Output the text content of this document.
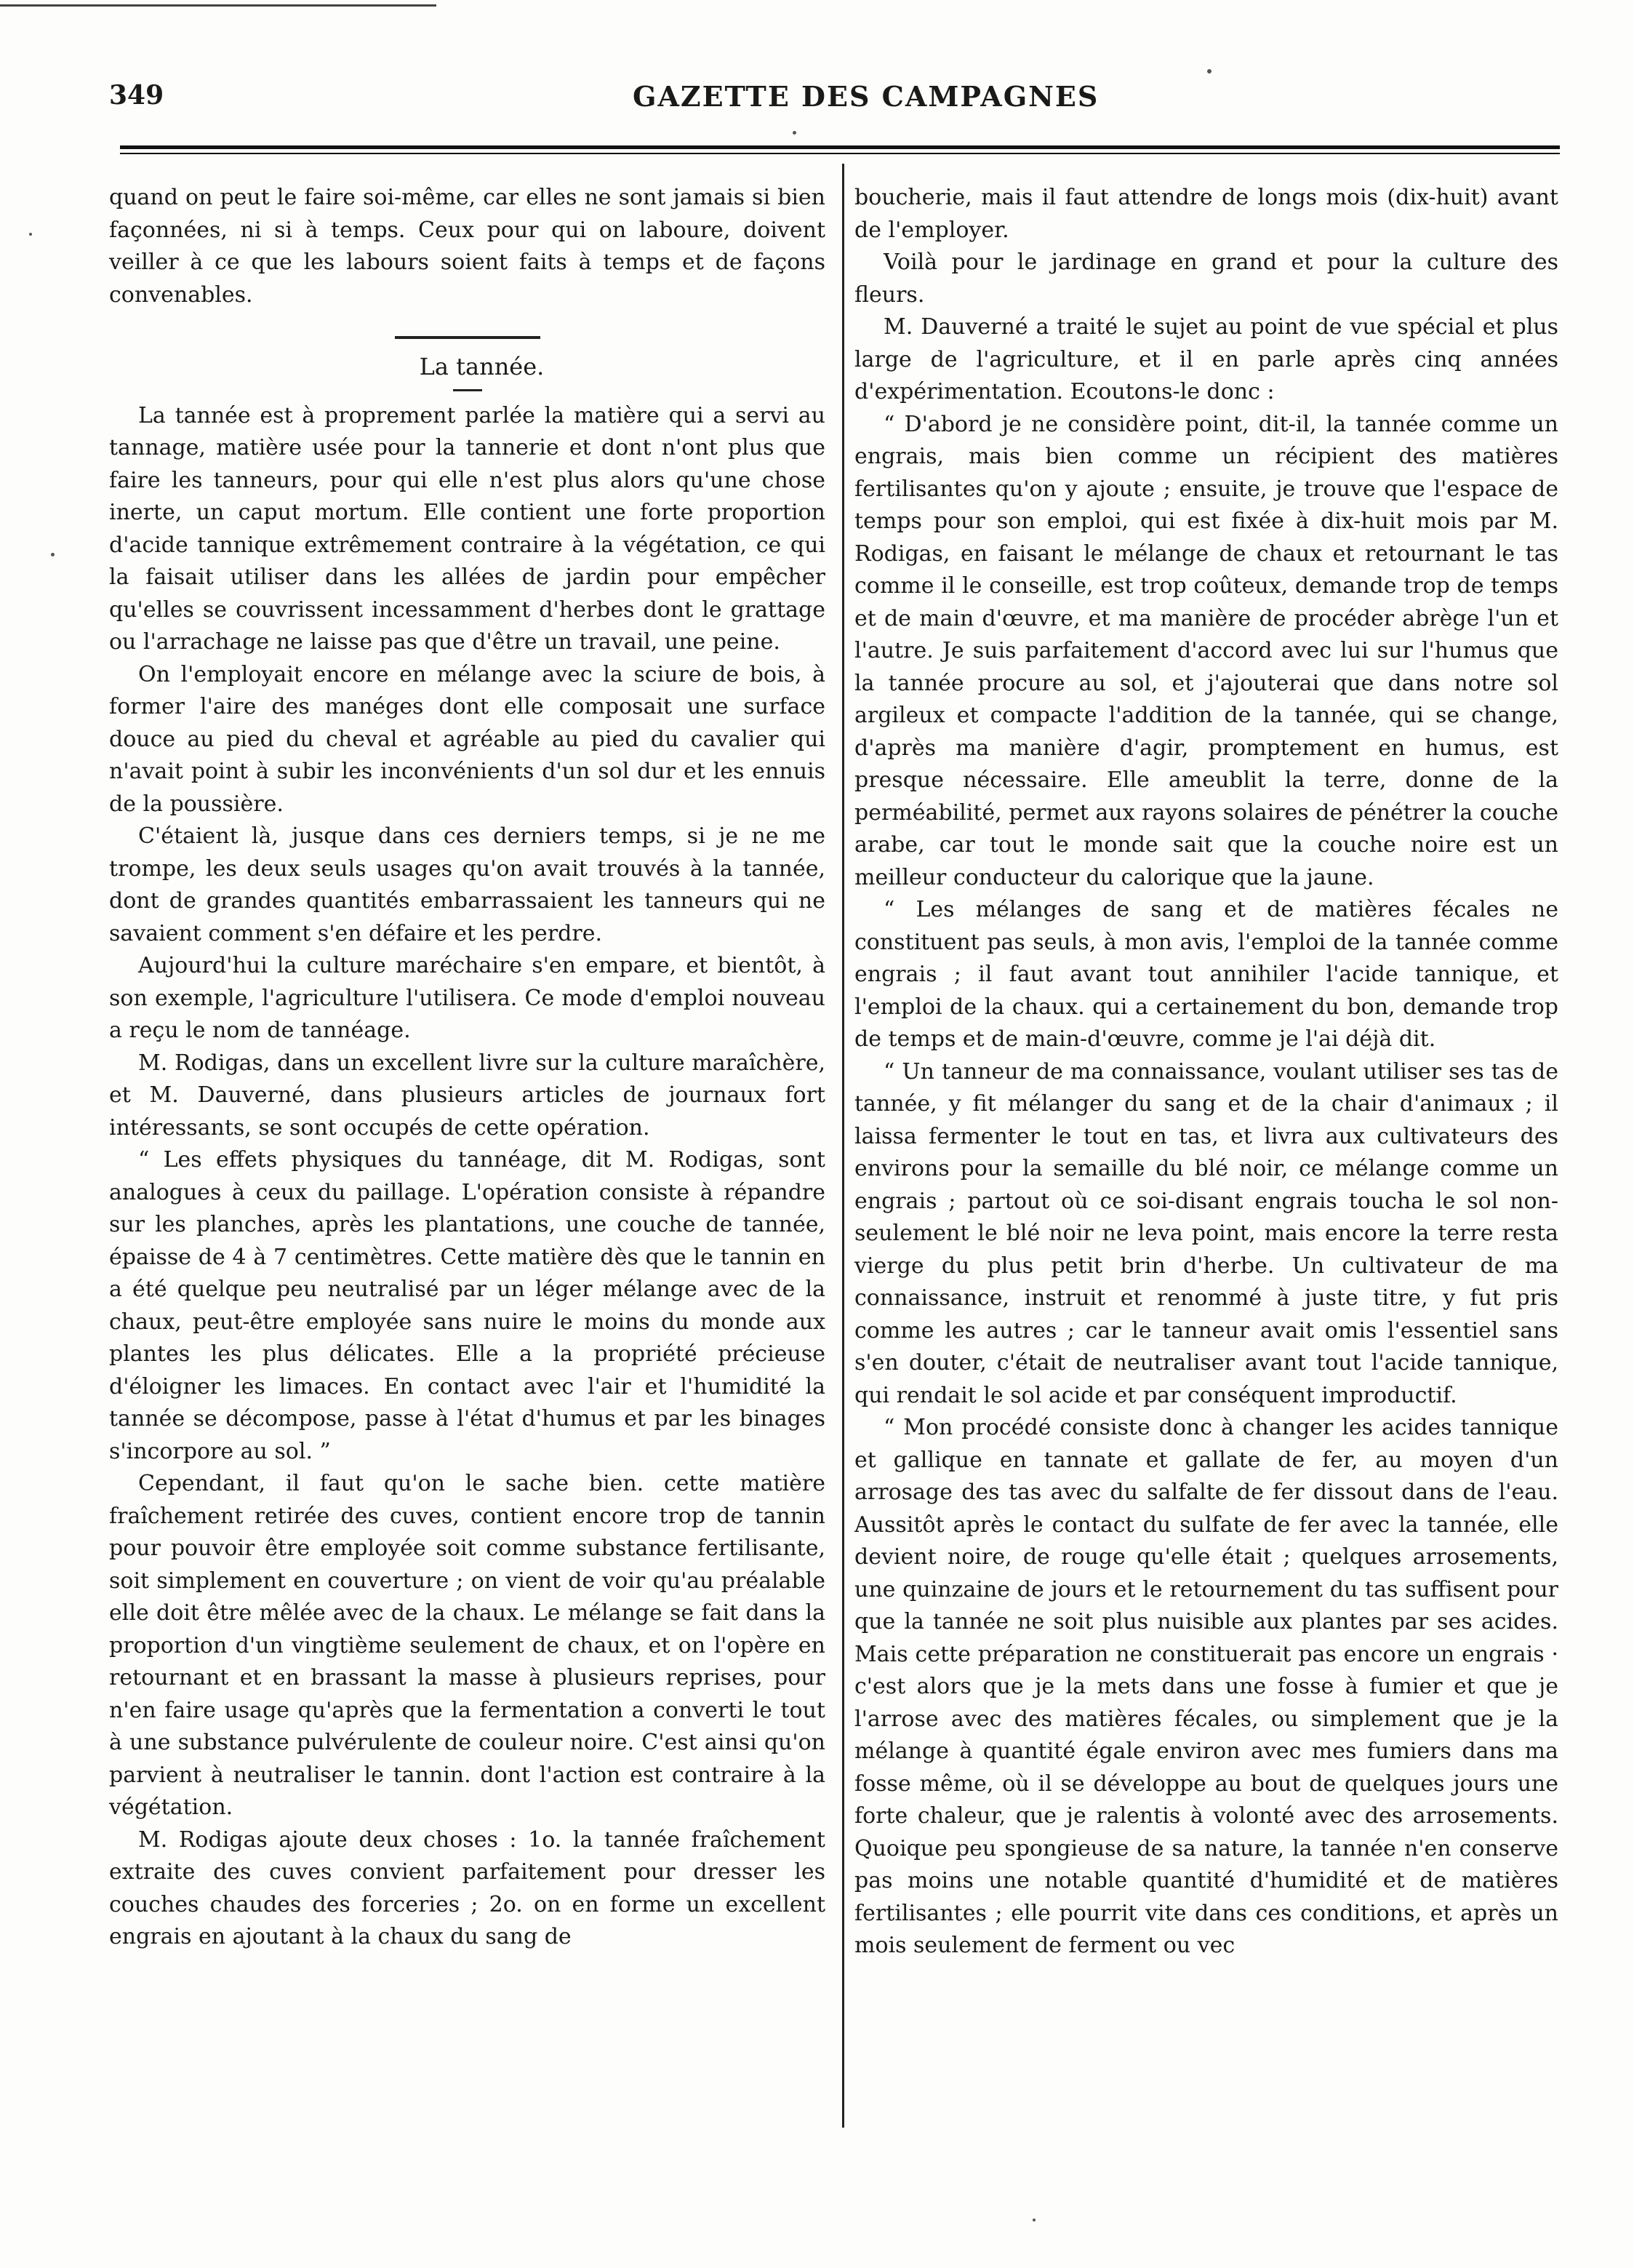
349	GAZETTE DES CAMPAGNES

quand on peut le faire soi-même, car elles ne sont jamais si bien façonnées, ni si à temps. Ceux pour qui on laboure, doivent veiller à ce que les labours soient faits à temps et de façons convenables.

La tannée.

La tannée est à proprement parlée la matière qui a servi au tannage, matière usée pour la tannerie et dont n'ont plus que faire les tanneurs, pour qui elle n'est plus alors qu'une chose inerte, un caput mortum. Elle contient une forte proportion d'acide tannique extrêmement contraire à la végétation, ce qui la faisait utiliser dans les allées de jardin pour empêcher qu'elles se couvrissent incessamment d'herbes dont le grattage ou l'arrachage ne laisse pas que d'être un travail, une peine.

On l'employait encore en mélange avec la sciure de bois, à former l'aire des manéges dont elle composait une surface douce au pied du cheval et agréable au pied du cavalier qui n'avait point à subir les inconvénients d'un sol dur et les ennuis de la poussière.

C'étaient là, jusque dans ces derniers temps, si je ne me trompe, les deux seuls usages qu'on avait trouvés à la tannée, dont de grandes quantités embarrassaient les tanneurs qui ne savaient comment s'en défaire et les perdre.

Aujourd'hui la culture maréchaire s'en empare, et bientôt, à son exemple, l'agriculture l'utilisera. Ce mode d'emploi nouveau a reçu le nom de tannéage.

M. Rodigas, dans un excellent livre sur la culture maraîchère, et M. Dauverné, dans plusieurs articles de journaux fort intéressants, se sont occupés de cette opération.

“ Les effets physiques du tannéage, dit M. Rodigas, sont analogues à ceux du paillage. L'opération consiste à répandre sur les planches, après les plantations, une couche de tannée, épaisse de 4 à 7 centimètres. Cette matière dès que le tannin en a été quelque peu neutralisé par un léger mélange avec de la chaux, peut-être employée sans nuire le moins du monde aux plantes les plus délicates. Elle a la propriété précieuse d'éloigner les limaces. En contact avec l'air et l'humidité la tannée se décompose, passe à l'état d'humus et par les binages s'incorpore au sol. ”

Cependant, il faut qu'on le sache bien. cette matière fraîchement retirée des cuves, contient encore trop de tannin pour pouvoir être employée soit comme substance fertilisante, soit simplement en couverture ; on vient de voir qu'au préalable elle doit être mêlée avec de la chaux. Le mélange se fait dans la proportion d'un vingtième seulement de chaux, et on l'opère en retournant et en brassant la masse à plusieurs reprises, pour n'en faire usage qu'après que la fermentation a converti le tout à une substance pulvérulente de couleur noire. C'est ainsi qu'on parvient à neutraliser le tannin. dont l'action est contraire à la végétation.

M. Rodigas ajoute deux choses : 1o. la tannée fraîchement extraite des cuves convient parfaitement pour dresser les couches chaudes des forceries ; 2o. on en forme un excellent engrais en ajoutant à la chaux du sang de

boucherie, mais il faut attendre de longs mois (dix-huit) avant de l'employer.

Voilà pour le jardinage en grand et pour la culture des fleurs.

M. Dauverné a traité le sujet au point de vue spécial et plus large de l'agriculture, et il en parle après cinq années d'expérimentation. Ecoutons-le donc :

“ D'abord je ne considère point, dit-il, la tannée comme un engrais, mais bien comme un récipient des matières fertilisantes qu'on y ajoute ; ensuite, je trouve que l'espace de temps pour son emploi, qui est fixée à dix-huit mois par M. Rodigas, en faisant le mélange de chaux et retournant le tas comme il le conseille, est trop coûteux, demande trop de temps et de main d'œuvre, et ma manière de procéder abrège l'un et l'autre. Je suis parfaitement d'accord avec lui sur l'humus que la tannée procure au sol, et j'ajouterai que dans notre sol argileux et compacte l'addition de la tannée, qui se change, d'après ma manière d'agir, promptement en humus, est presque nécessaire. Elle ameublit la terre, donne de la perméabilité, permet aux rayons solaires de pénétrer la couche arabe, car tout le monde sait que la couche noire est un meilleur conducteur du calorique que la jaune.

“ Les mélanges de sang et de matières fécales ne constituent pas seuls, à mon avis, l'emploi de la tannée comme engrais ; il faut avant tout annihiler l'acide tannique, et l'emploi de la chaux. qui a certainement du bon, demande trop de temps et de main-d'œuvre, comme je l'ai déjà dit.

“ Un tanneur de ma connaissance, voulant utiliser ses tas de tannée, y fit mélanger du sang et de la chair d'animaux ; il laissa fermenter le tout en tas, et livra aux cultivateurs des environs pour la semaille du blé noir, ce mélange comme un engrais ; partout où ce soi-disant engrais toucha le sol non-seulement le blé noir ne leva point, mais encore la terre resta vierge du plus petit brin d'herbe. Un cultivateur de ma connaissance, instruit et renommé à juste titre, y fut pris comme les autres ; car le tanneur avait omis l'essentiel sans s'en douter, c'était de neutraliser avant tout l'acide tannique, qui rendait le sol acide et par conséquent improductif.

“ Mon procédé consiste donc à changer les acides tannique et gallique en tannate et gallate de fer, au moyen d'un arrosage des tas avec du salfalte de fer dissout dans de l'eau. Aussitôt après le contact du sulfate de fer avec la tannée, elle devient noire, de rouge qu'elle était ; quelques arrosements, une quinzaine de jours et le retournement du tas suffisent pour que la tannée ne soit plus nuisible aux plantes par ses acides. Mais cette préparation ne constituerait pas encore un engrais · c'est alors que je la mets dans une fosse à fumier et que je l'arrose avec des matières fécales, ou simplement que je la mélange à quantité égale environ avec mes fumiers dans ma fosse même, où il se développe au bout de quelques jours une forte chaleur, que je ralentis à volonté avec des arrosements. Quoique peu spongieuse de sa nature, la tannée n'en conserve pas moins une notable quantité d'humidité et de matières fertilisantes ; elle pourrit vite dans ces conditions, et après un mois seulement de ferment ou vec
